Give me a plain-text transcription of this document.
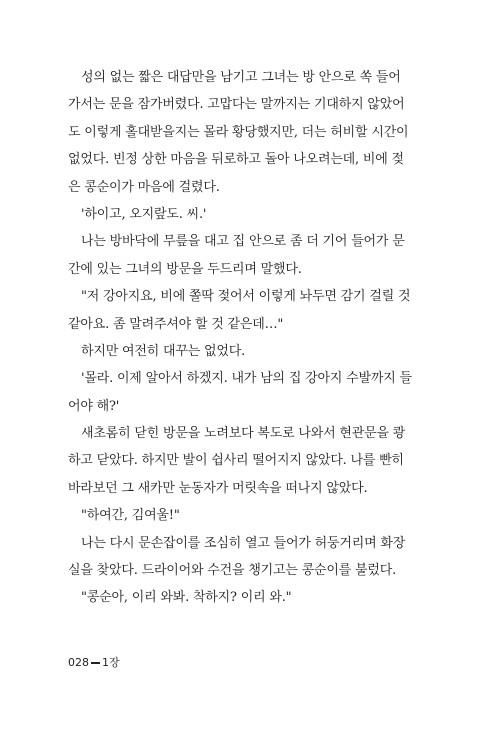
성의 없는 짧은 대답만을 남기고 그녀는 방 안으로 쏙 들어
가서는 문을 잠가버렸다. 고맙다는 말까지는 기대하지 않았어
도 이렇게 홀대받을지는 몰라 황당했지만, 더는 허비할 시간이
없었다. 빈정 상한 마음을 뒤로하고 돌아 나오려는데, 비에 젖
은 콩순이가 마음에 걸렸다.
'하이고, 오지랖도. 씨.'
나는 방바닥에 무릎을 대고 집 안으로 좀 더 기어 들어가 문
간에 있는 그녀의 방문을 두드리며 말했다.
"저 강아지요, 비에 쫄딱 젖어서 이렇게 놔두면 감기 걸릴 것
같아요. 좀 말려주셔야 할 것 같은데…"
하지만 여전히 대꾸는 없었다.
'몰라. 이제 알아서 하겠지. 내가 남의 집 강아지 수발까지 들
어야 해?'
새초롬히 닫힌 방문을 노려보다 복도로 나와서 현관문을 쾅
하고 닫았다. 하지만 발이 쉽사리 떨어지지 않았다. 나를 빤히
바라보던 그 새카만 눈동자가 머릿속을 떠나지 않았다.
"하여간, 김여울!"
나는 다시 문손잡이를 조심히 열고 들어가 허둥거리며 화장
실을 찾았다. 드라이어와 수건을 챙기고는 콩순이를 불렀다.
"콩순아, 이리 와봐. 착하지? 이리 와."
028 1장
